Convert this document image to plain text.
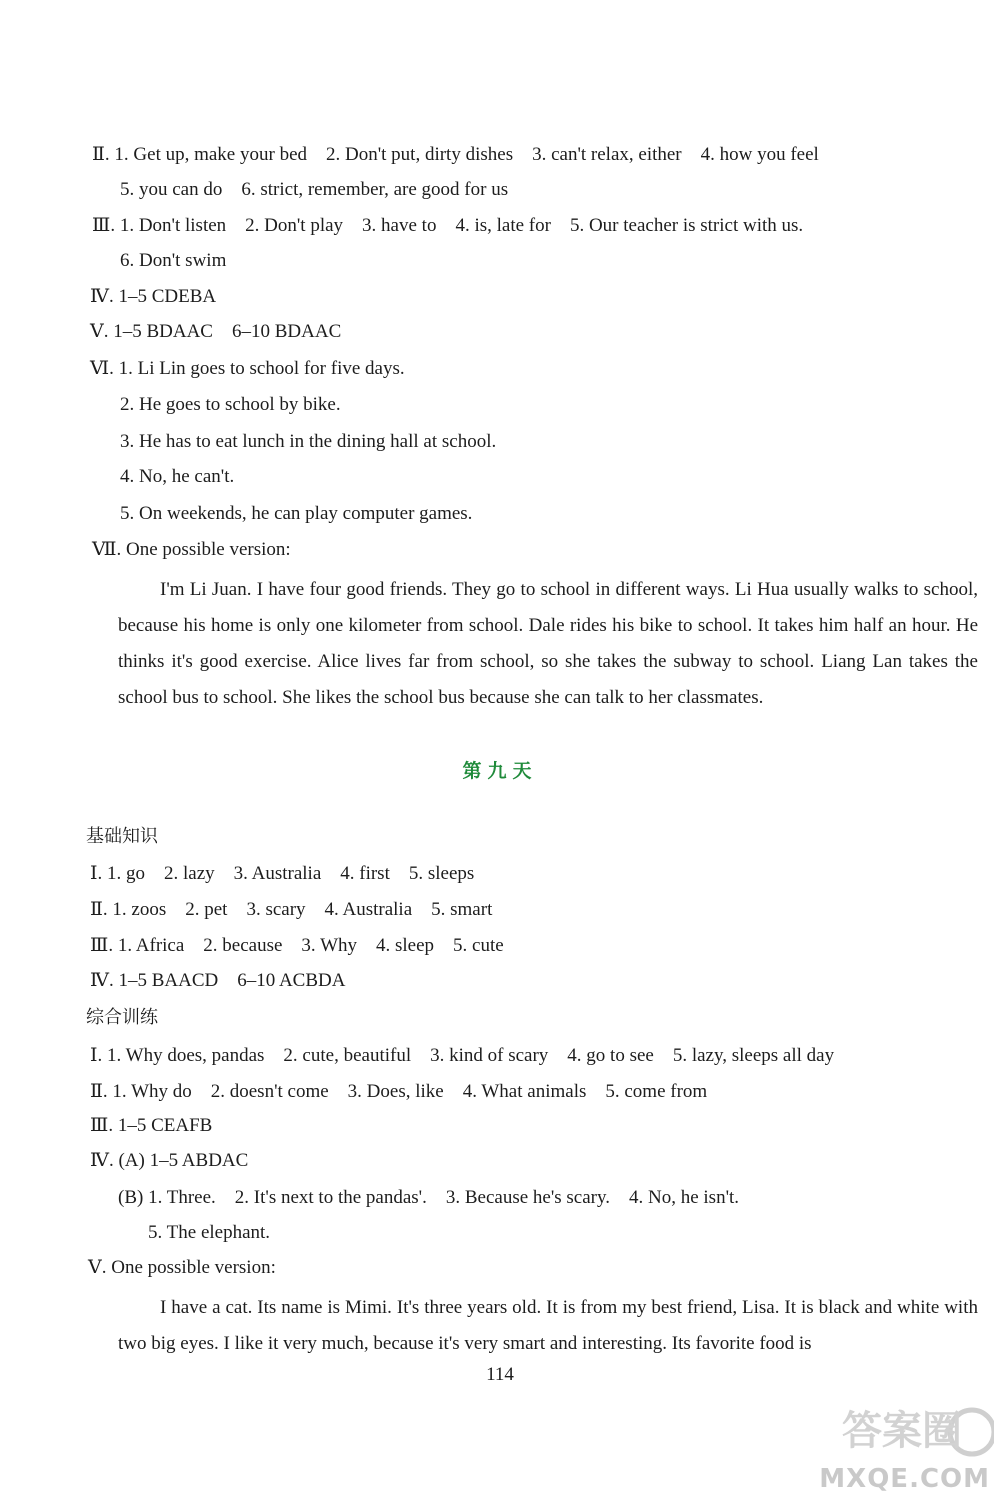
Ⅱ. 1. Get up, make your bed    2. Don't put, dirty dishes    3. can't relax, either    4. how you feel
5. you can do    6. strict, remember, are good for us
Ⅲ. 1. Don't listen    2. Don't play    3. have to    4. is, late for    5. Our teacher is strict with us.
6. Don't swim
Ⅳ. 1–5 CDEBA
Ⅴ. 1–5 BDAAC    6–10 BDAAC
Ⅵ. 1. Li Lin goes to school for five days.
2. He goes to school by bike.
3. He has to eat lunch in the dining hall at school.
4. No, he can't.
5. On weekends, he can play computer games.
Ⅶ. One possible version:
I'm Li Juan. I have four good friends. They go to school in different ways. Li Hua usually walks to school, because his home is only one kilometer from school. Dale rides his bike to school. It takes him half an hour. He thinks it's good exercise. Alice lives far from school, so she takes the subway to school. Liang Lan takes the school bus to school. She likes the school bus because she can talk to her classmates.
第九天
基础知识
Ⅰ. 1. go    2. lazy    3. Australia    4. first    5. sleeps
Ⅱ. 1. zoos    2. pet    3. scary    4. Australia    5. smart
Ⅲ. 1. Africa    2. because    3. Why    4. sleep    5. cute
Ⅳ. 1–5 BAACD    6–10 ACBDA
综合训练
Ⅰ. 1. Why does, pandas    2. cute, beautiful    3. kind of scary    4. go to see    5. lazy, sleeps all day
Ⅱ. 1. Why do    2. doesn't come    3. Does, like    4. What animals    5. come from
Ⅲ. 1–5 CEAFB
Ⅳ. (A) 1–5 ABDAC
(B) 1. Three.    2. It's next to the pandas'.    3. Because he's scary.    4. No, he isn't.
5. The elephant.
Ⅴ. One possible version:
I have a cat. Its name is Mimi. It's three years old. It is from my best friend, Lisa. It is black and white with two big eyes. I like it very much, because it's very smart and interesting. Its favorite food is
114
答案圈
MXQE.COM
